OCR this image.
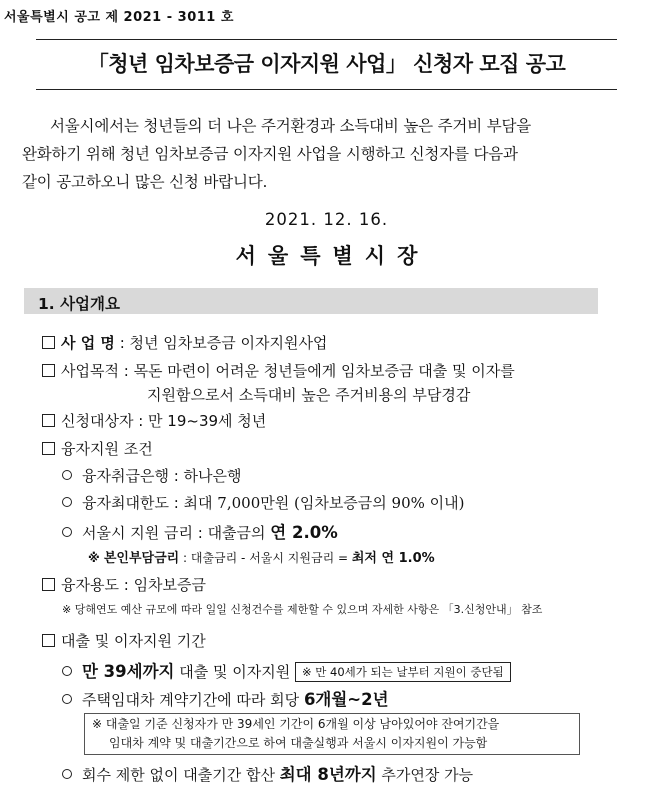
서울특별시 공고 제 2021 - 3011 호
「청년 임차보증금 이자지원 사업」 신청자 모집 공고
서울시에서는 청년들의 더 나은 주거환경과 소득대비 높은 주거비 부담을
완화하기 위해 청년 임차보증금 이자지원 사업을 시행하고 신청자를 다음과
같이 공고하오니 많은 신청 바랍니다.
2021. 12. 16.
서울특별시장
1. 사업개요
사 업 명 : 청년 임차보증금 이자지원사업
사업목적 : 목돈 마련이 어려운 청년들에게 임차보증금 대출 및 이자를
지원함으로서 소득대비 높은 주거비용의 부담경감
신청대상자 : 만 19~39세 청년
융자지원 조건
융자취급은행 : 하나은행
융자최대한도 : 최대 7,000만원 (임차보증금의 90% 이내)
서울시 지원 금리 : 대출금의 연 2.0%
※ 본인부담금리 : 대출금리 - 서울시 지원금리 = 최저 연 1.0%
융자용도 : 임차보증금
※ 당해연도 예산 규모에 따라 일일 신청건수를 제한할 수 있으며 자세한 사항은 「3.신청안내」 참조
대출 및 이자지원 기간
만 39세까지 대출 및 이자지원 ※ 만 40세가 되는 날부터 지원이 중단됨
주택임대차 계약기간에 따라 회당 6개월~2년
※ 대출일 기준 신청자가 만 39세인 기간이 6개월 이상 남아있어야 잔여기간을
임대차 계약 및 대출기간으로 하여 대출실행과 서울시 이자지원이 가능함
회수 제한 없이 대출기간 합산 최대 8년까지 추가연장 가능
